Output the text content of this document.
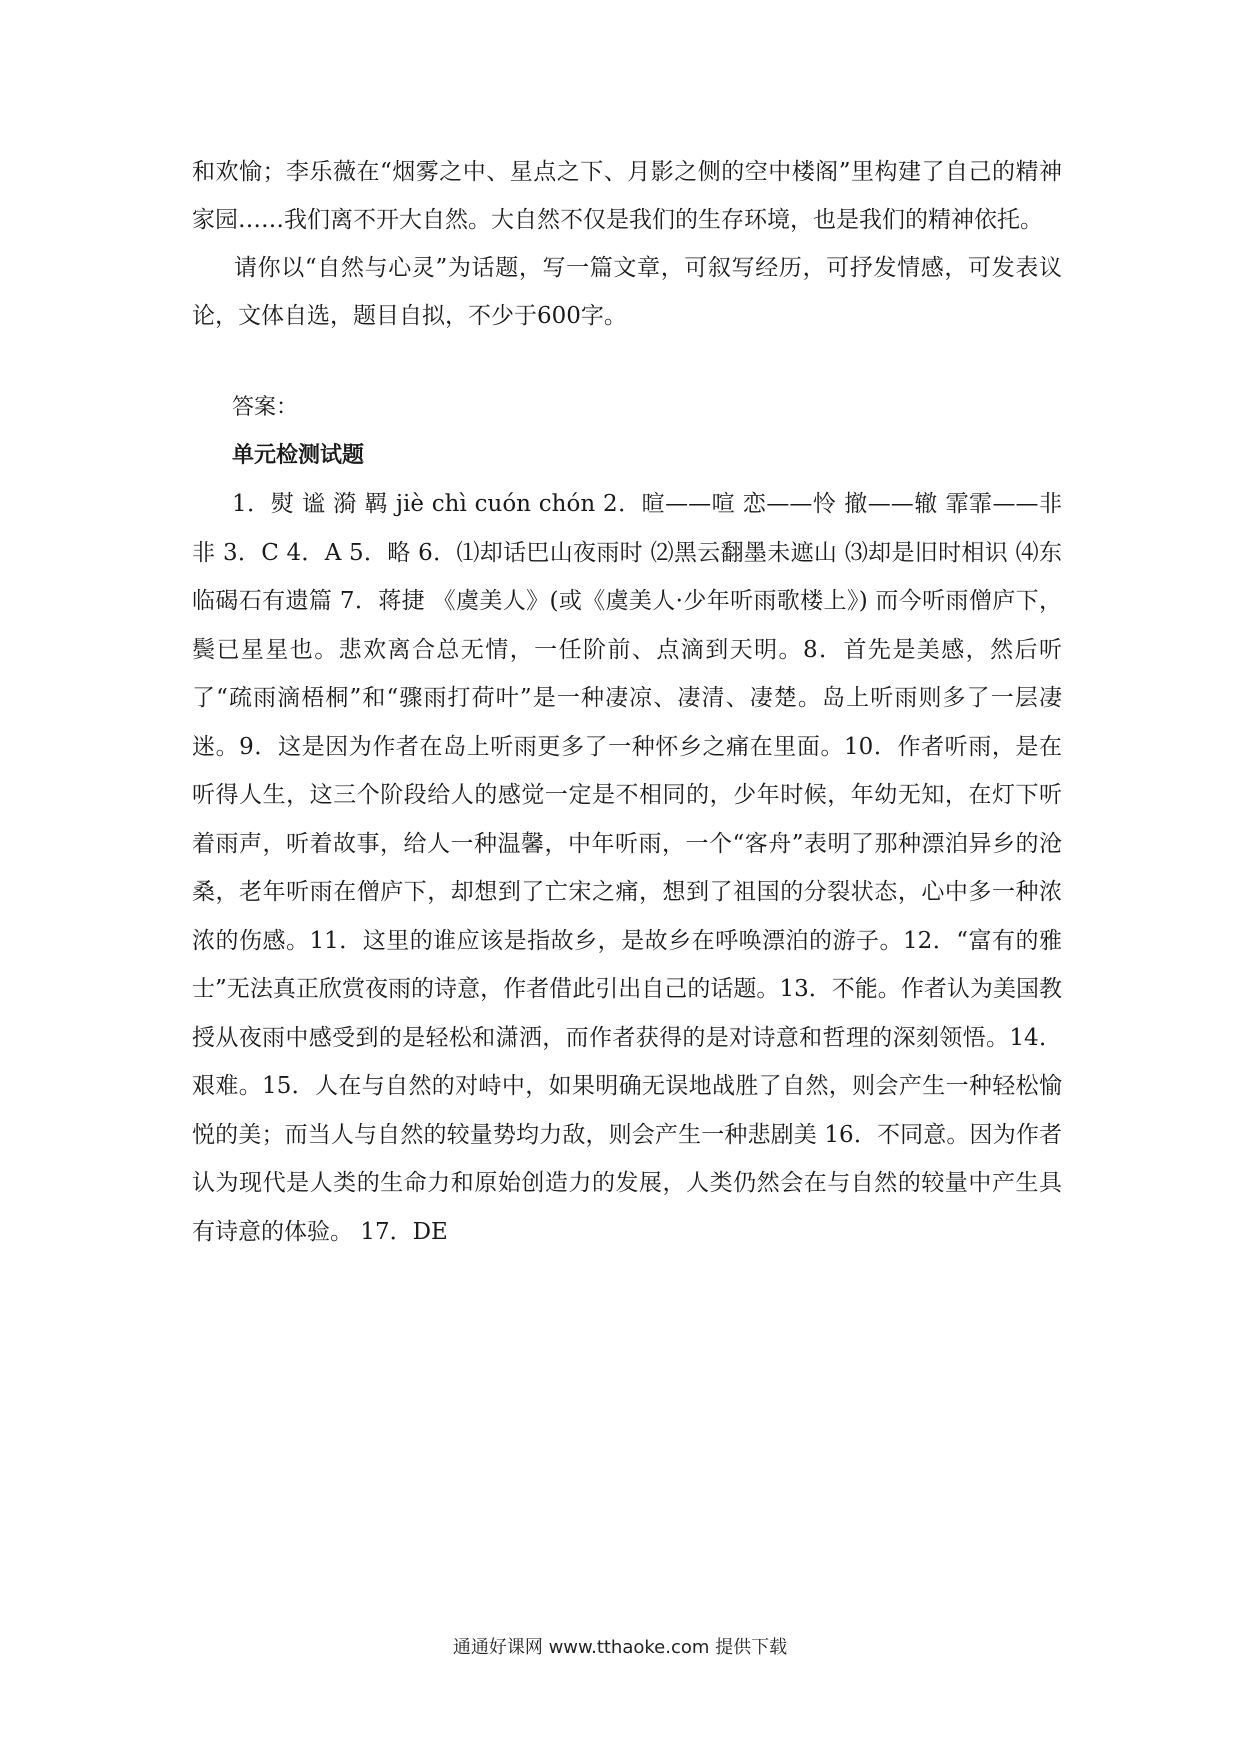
和欢愉；李乐薇在“烟雾之中、星点之下、月影之侧的空中楼阁”里构建了自己的精神家园……我们离不开大自然。大自然不仅是我们的生存环境，也是我们的精神依托。

请你以“自然与心灵”为话题，写一篇文章，可叙写经历，可抒发情感，可发表议论，文体自选，题目自拟，不少于600字。

答案：

单元检测试题

1．熨 谧 漪 羁 jiè chì cuón chón 2．暄——喧 恋——怜 撤——辙 霏霏——非非 3．C 4．A 5．略 6．⑴却话巴山夜雨时 ⑵黑云翻墨未遮山 ⑶却是旧时相识 ⑷东临碣石有遗篇 7．蒋捷 《虞美人》(或《虞美人·少年听雨歌楼上》) 而今听雨僧庐下，鬓已星星也。悲欢离合总无情，一任阶前、点滴到天明。8．首先是美感，然后听了“疏雨滴梧桐”和“骤雨打荷叶”是一种凄凉、凄清、凄楚。岛上听雨则多了一层凄迷。9．这是因为作者在岛上听雨更多了一种怀乡之痛在里面。10．作者听雨，是在听得人生，这三个阶段给人的感觉一定是不相同的，少年时候，年幼无知，在灯下听着雨声，听着故事，给人一种温馨，中年听雨，一个“客舟”表明了那种漂泊异乡的沧桑，老年听雨在僧庐下，却想到了亡宋之痛，想到了祖国的分裂状态，心中多一种浓浓的伤感。11．这里的谁应该是指故乡，是故乡在呼唤漂泊的游子。12．“富有的雅士”无法真正欣赏夜雨的诗意，作者借此引出自己的话题。13．不能。作者认为美国教授从夜雨中感受到的是轻松和潇洒，而作者获得的是对诗意和哲理的深刻领悟。14．艰难。15．人在与自然的对峙中，如果明确无误地战胜了自然，则会产生一种轻松愉悦的美；而当人与自然的较量势均力敌，则会产生一种悲剧美 16．不同意。因为作者认为现代是人类的生命力和原始创造力的发展，人类仍然会在与自然的较量中产生具有诗意的体验。 17．DE

通通好课网 www.tthaoke.com 提供下载
